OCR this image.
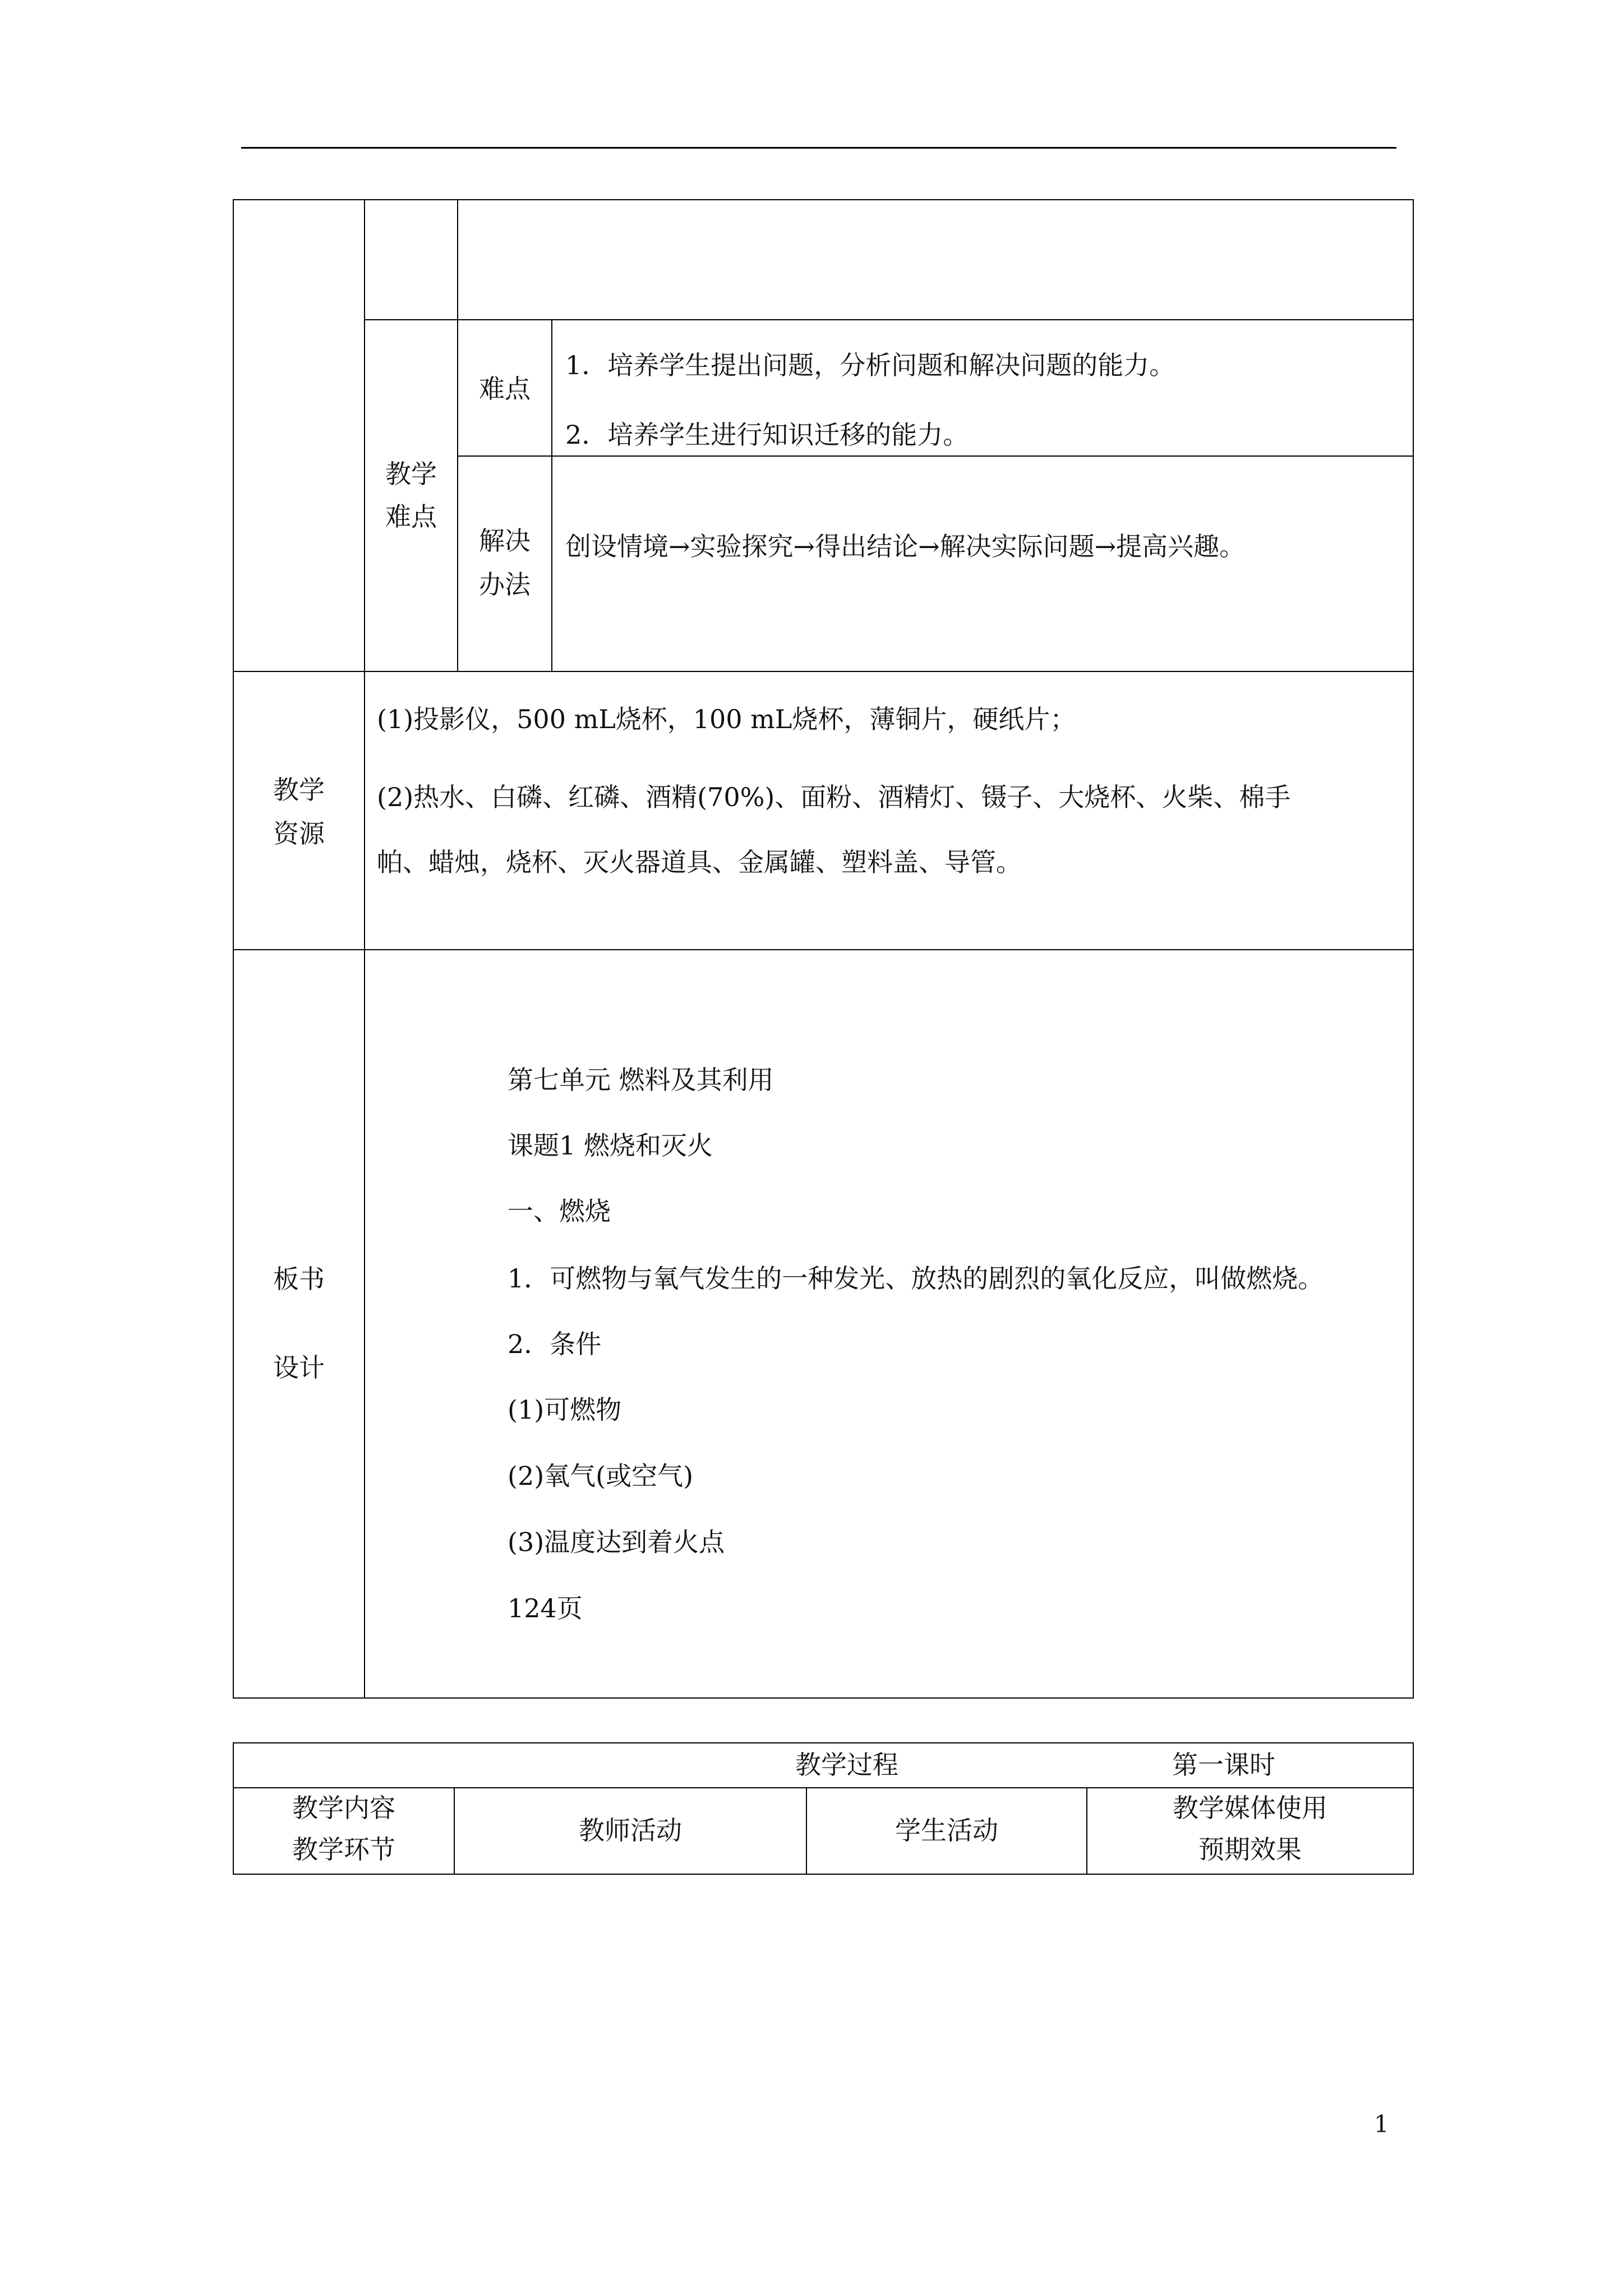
教学
难点
难点
1．培养学生提出问题，分析问题和解决问题的能力。
2．培养学生进行知识迁移的能力。
解决
办法
创设情境→实验探究→得出结论→解决实际问题→提高兴趣。
教学
资源
(1)投影仪，500 mL烧杯，100 mL烧杯，薄铜片，硬纸片；
(2)热水、白磷、红磷、酒精(70%)、面粉、酒精灯、镊子、大烧杯、火柴、棉手
帕、蜡烛，烧杯、灭火器道具、金属罐、塑料盖、导管。
板书
设计
第七单元 燃料及其利用
课题1 燃烧和灭火
一、燃烧
1．可燃物与氧气发生的一种发光、放热的剧烈的氧化反应，叫做燃烧。
2．条件
(1)可燃物
(2)氧气(或空气)
(3)温度达到着火点
124页
教学过程	第一课时
教学内容
教学环节
教师活动	学生活动
教学媒体使用
预期效果
1
